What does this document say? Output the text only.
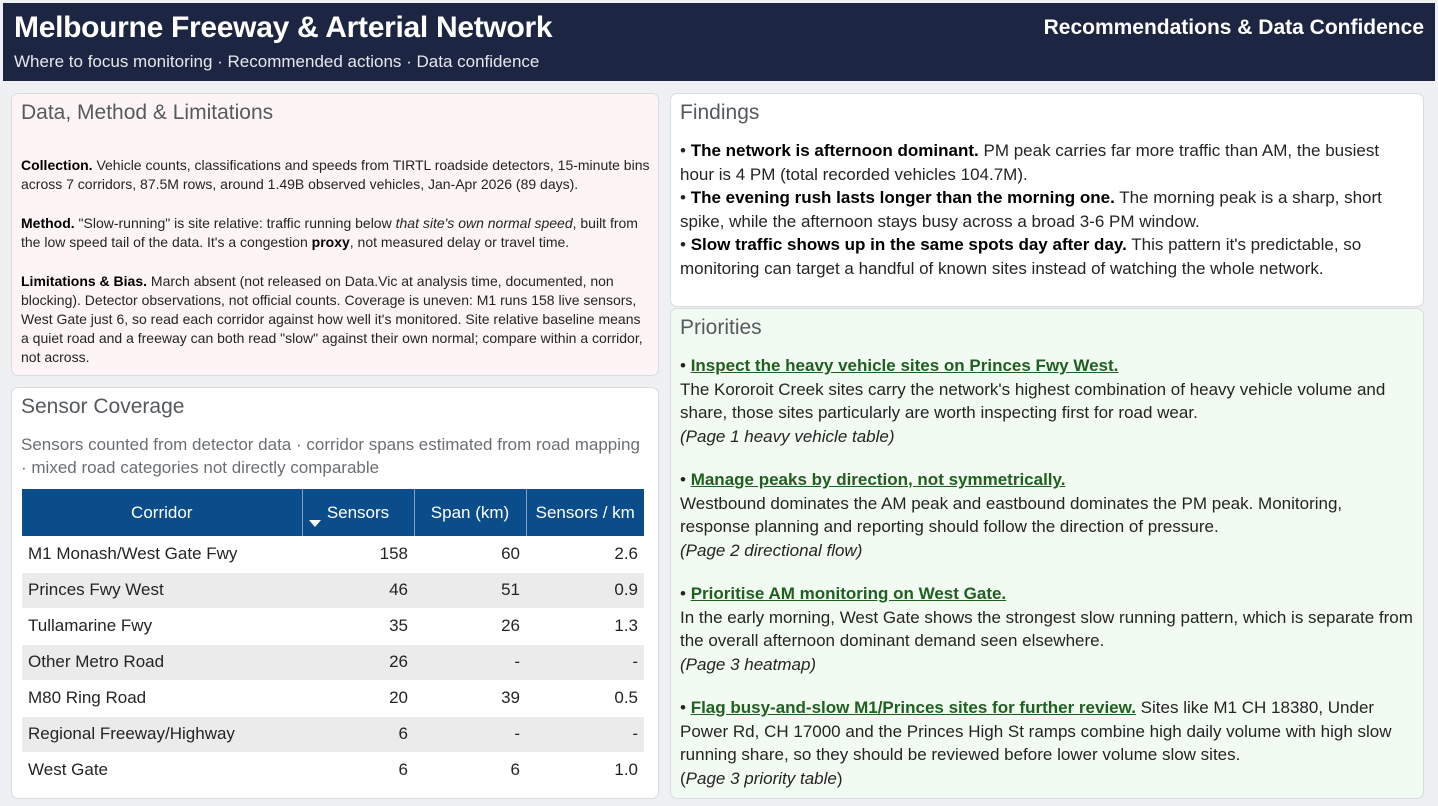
Melbourne Freeway & Arterial Network
Where to focus monitoring · Recommended actions · Data confidence
Recommendations & Data Confidence
Data, Method & Limitations
Collection. Vehicle counts, classifications and speeds from TIRTL roadside detectors, 15-minute bins across 7 corridors, 87.5M rows, around 1.49B observed vehicles, Jan-Apr 2026 (89 days).
Method. "Slow-running" is site relative: traffic running below that site's own normal speed, built from the low speed tail of the data. It's a congestion proxy, not measured delay or travel time.
Limitations & Bias. March absent (not released on Data.Vic at analysis time, documented, non blocking). Detector observations, not official counts. Coverage is uneven: M1 runs 158 live sensors, West Gate just 6, so read each corridor against how well it's monitored. Site relative baseline means a quiet road and a freeway can both read "slow" against their own normal; compare within a corridor, not across.
Sensor Coverage
Sensors counted from detector data · corridor spans estimated from road mapping · mixed road categories not directly comparable
Corridor	Sensors	Span (km)	Sensors / km
M1 Monash/West Gate Fwy	158	60	2.6
Princes Fwy West	46	51	0.9
Tullamarine Fwy	35	26	1.3
Other Metro Road	26	-	-
M80 Ring Road	20	39	0.5
Regional Freeway/Highway	6	-	-
West Gate	6	6	1.0
Findings
• The network is afternoon dominant. PM peak carries far more traffic than AM, the busiest hour is 4 PM (total recorded vehicles 104.7M).
• The evening rush lasts longer than the morning one. The morning peak is a sharp, short spike, while the afternoon stays busy across a broad 3-6 PM window.
• Slow traffic shows up in the same spots day after day. This pattern it's predictable, so monitoring can target a handful of known sites instead of watching the whole network.
Priorities
• Inspect the heavy vehicle sites on Princes Fwy West.
The Kororoit Creek sites carry the network's highest combination of heavy vehicle volume and share, those sites particularly are worth inspecting first for road wear.
(Page 1 heavy vehicle table)
• Manage peaks by direction, not symmetrically.
Westbound dominates the AM peak and eastbound dominates the PM peak. Monitoring, response planning and reporting should follow the direction of pressure.
(Page 2 directional flow)
• Prioritise AM monitoring on West Gate.
In the early morning, West Gate shows the strongest slow running pattern, which is separate from the overall afternoon dominant demand seen elsewhere.
(Page 3 heatmap)
• Flag busy-and-slow M1/Princes sites for further review. Sites like M1 CH 18380, Under Power Rd, CH 17000 and the Princes High St ramps combine high daily volume with high slow running share, so they should be reviewed before lower volume slow sites.
(Page 3 priority table)
